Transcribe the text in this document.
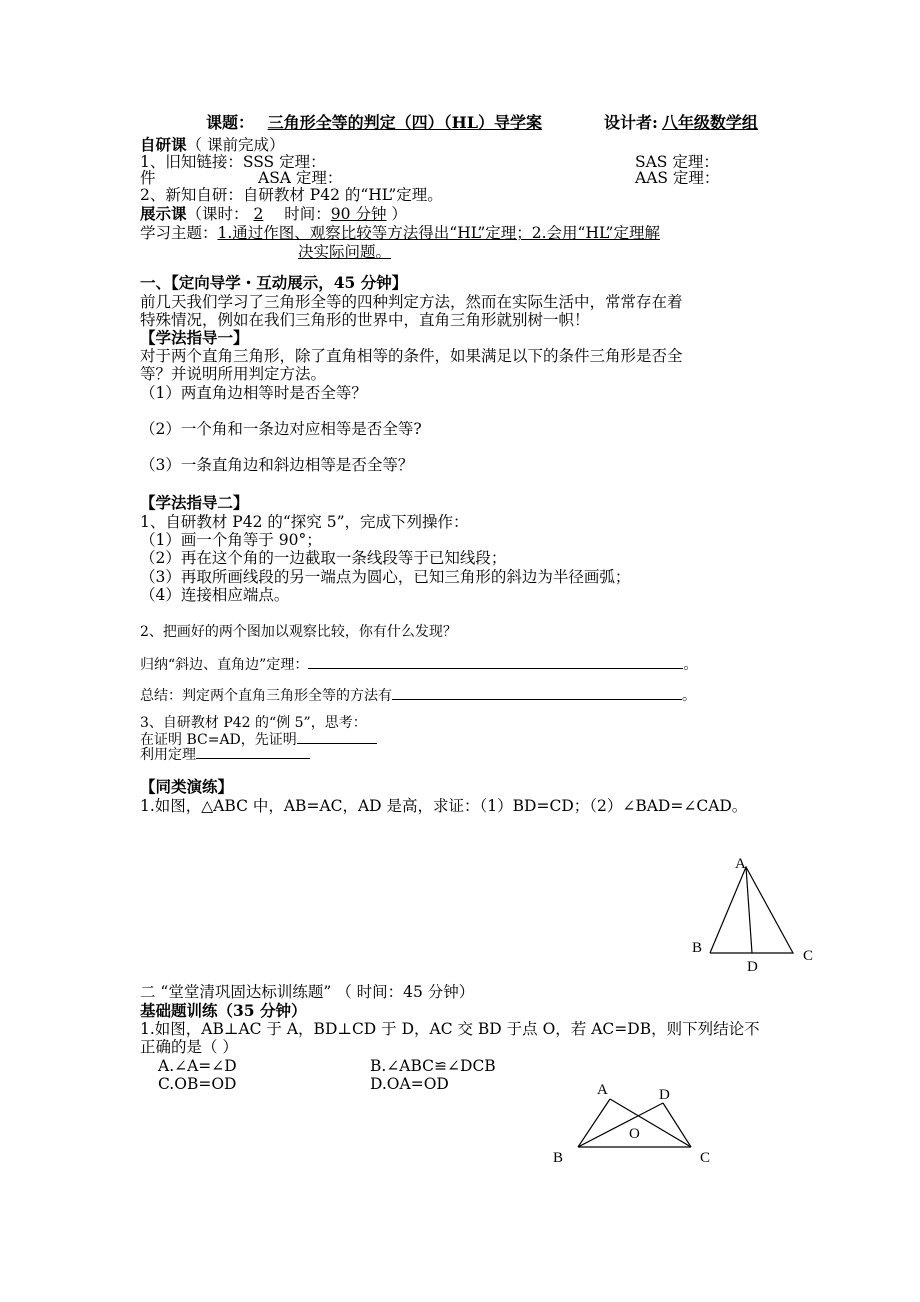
课题： 三角形全等的判定（四）（HL）导学案	设计者: 八年级数学组
自研课（ 课前完成）
1、旧知链接：SSS 定理：	SAS 定理：
件	ASA 定理：	AAS 定理：
2、新知自研：自研教材 P42 的“HL”定理。
展示课（课时： 2 时间：90 分钟 ）
学习主题：1.通过作图、观察比较等方法得出“HL”定理；2.会用“HL”定理解
决实际问题。
一、【定向导学・互动展示，45 分钟】
前几天我们学习了三角形全等的四种判定方法，然而在实际生活中，常常存在着
特殊情况，例如在我们三角形的世界中，直角三角形就别树一帜！
【学法指导一】
对于两个直角三角形，除了直角相等的条件，如果满足以下的条件三角形是否全
等？并说明所用判定方法。
（1）两直角边相等时是否全等？
（2）一个角和一条边对应相等是否全等?
（3）一条直角边和斜边相等是否全等？
【学法指导二】
1、自研教材 P42 的“探究 5”，完成下列操作：
（1）画一个角等于 90°；
（2）再在这个角的一边截取一条线段等于已知线段；
（3）再取所画线段的另一端点为圆心，已知三角形的斜边为半径画弧；
（4）连接相应端点。
2、把画好的两个图加以观察比较，你有什么发现？
归纳“斜边、直角边”定理：	。
总结：判定两个直角三角形全等的方法有	。
3、自研教材 P42 的“例 5”，思考：
在证明 BC=AD，先证明
利用定理
【同类演练】
1.如图，△ABC 中，AB=AC，AD 是高，求证：（1）BD=CD；（2）∠BAD=∠CAD。
A
B	C
D
二 “堂堂清巩固达标训练题” （ 时间：45 分钟）
基础题训练（35 分钟）
1.如图，AB⊥AC 于 A，BD⊥CD 于 D，AC 交 BD 于点 O，若 AC=DB，则下列结论不
正确的是（ ）
A.∠A=∠D	B.∠ABC≌∠DCB
C.OB=OD	D.OA=OD	A	D
O
B	C
